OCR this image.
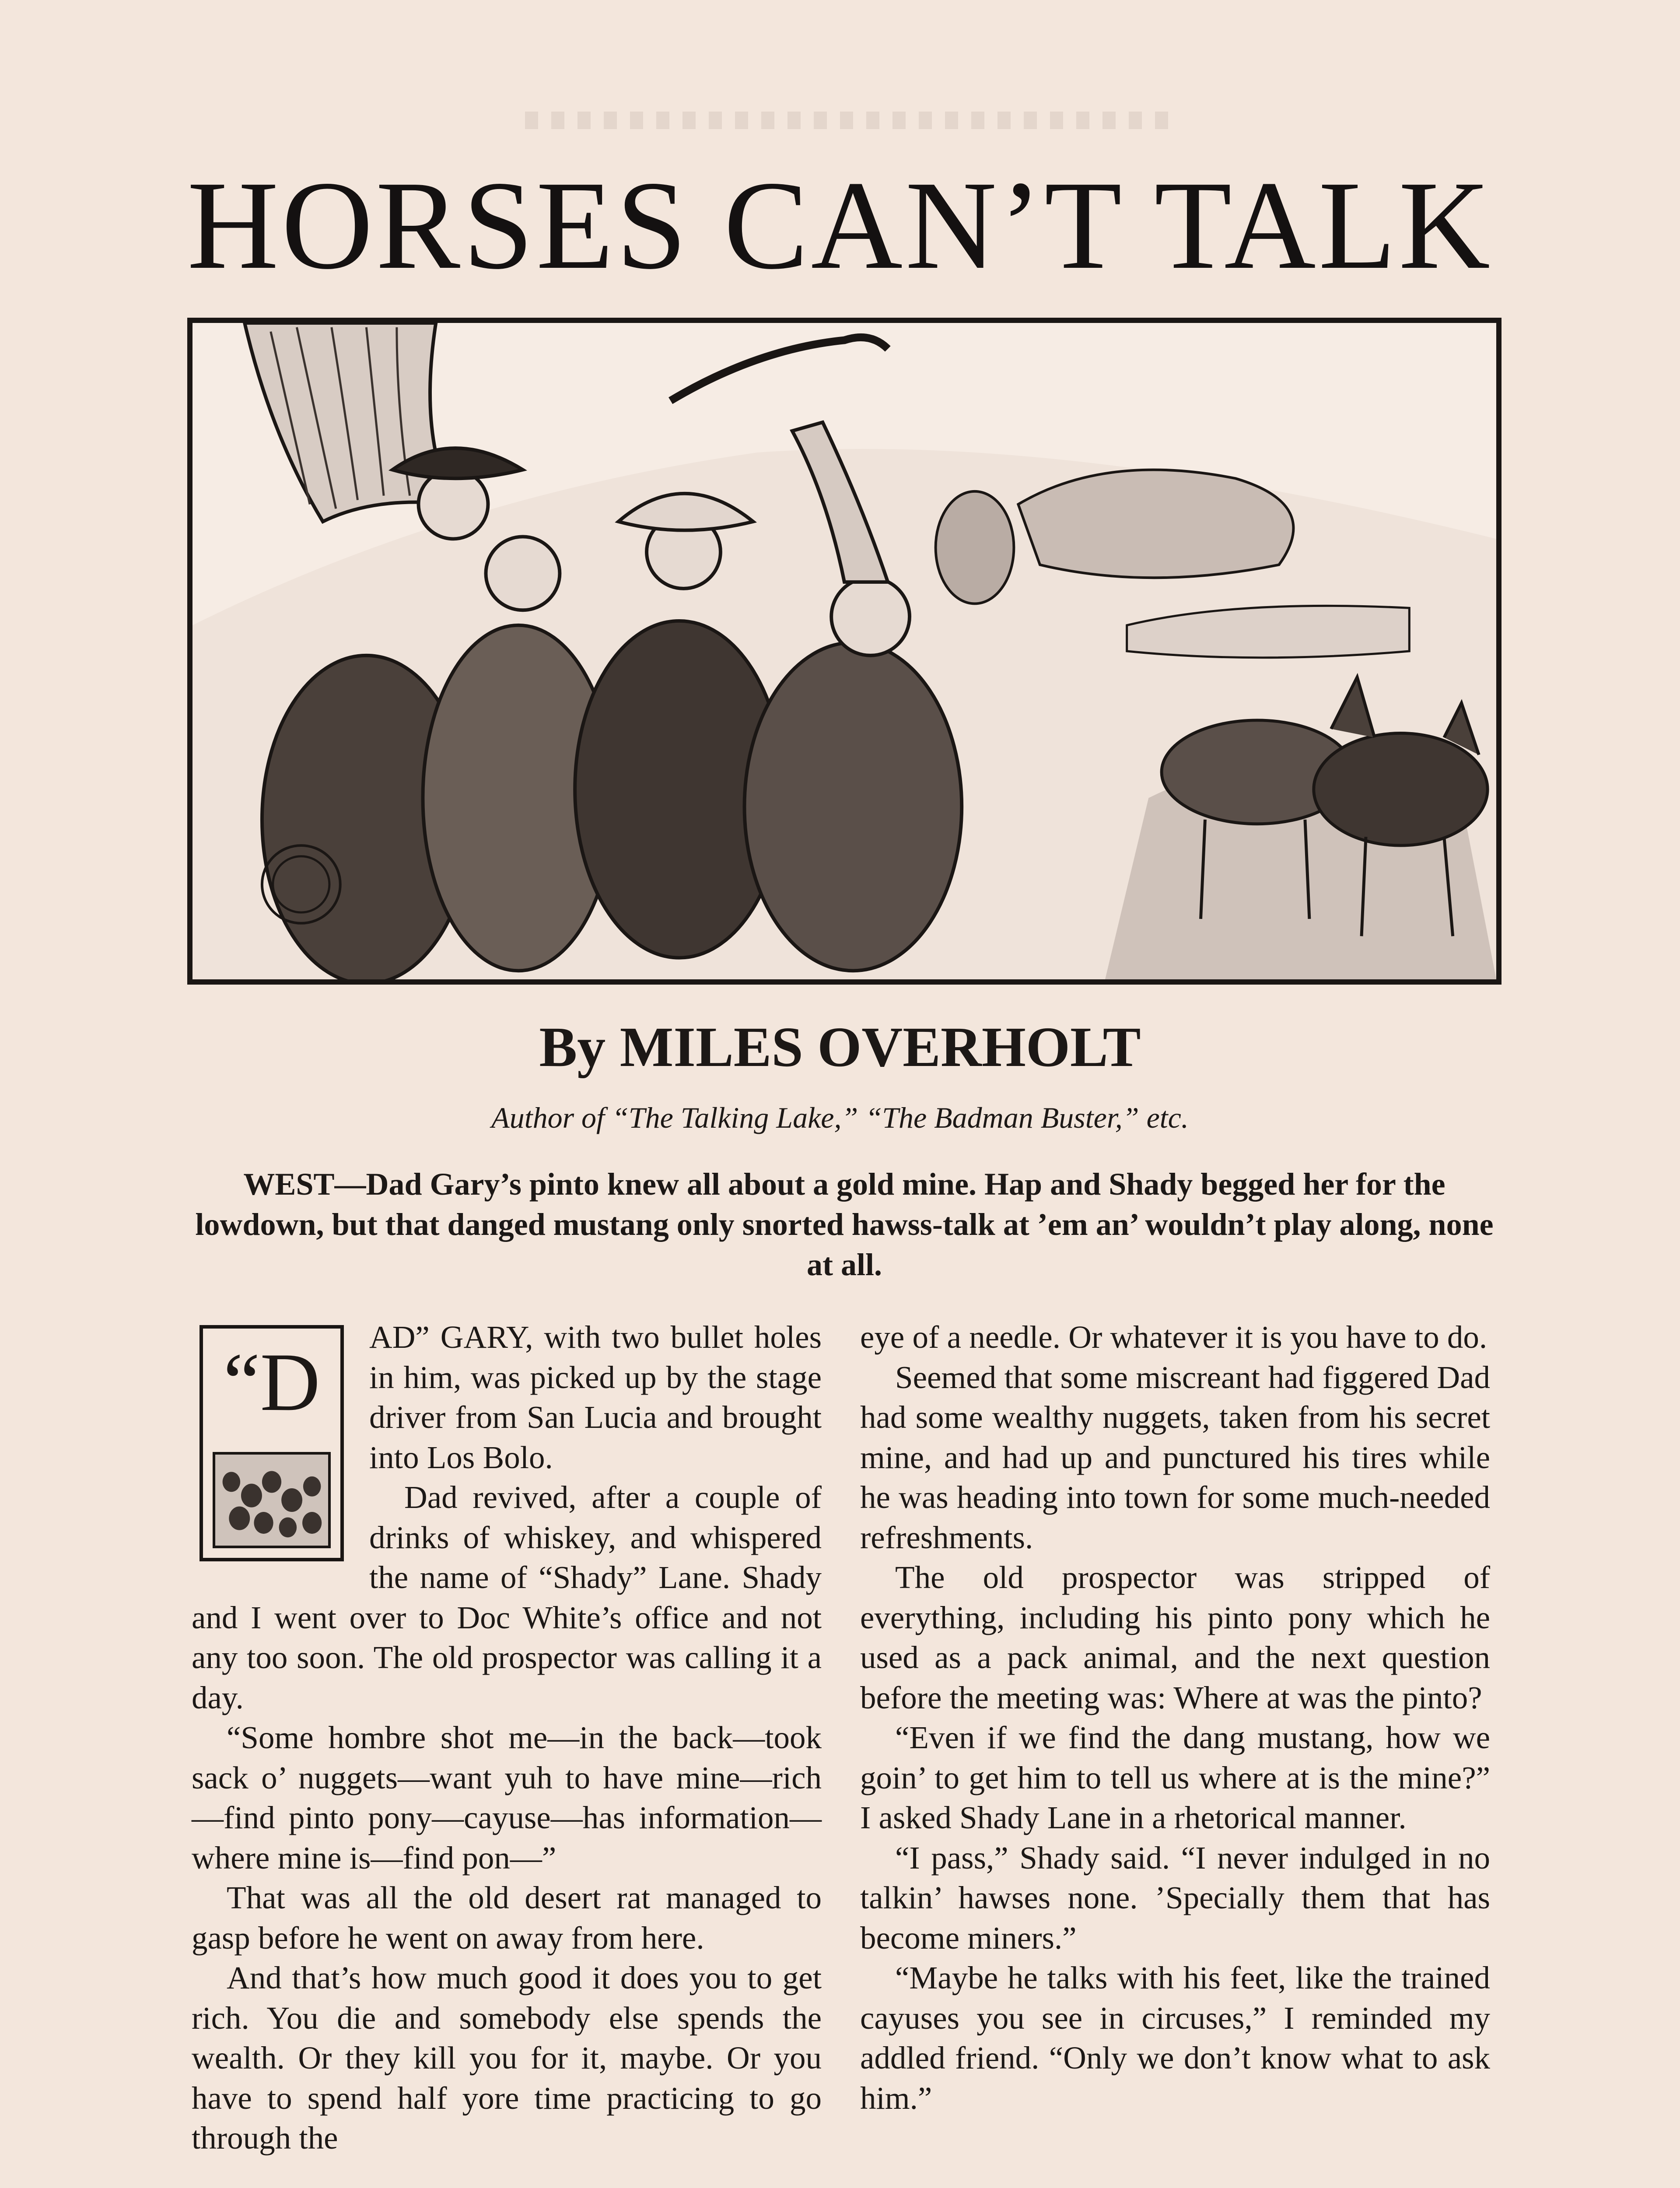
HORSES CAN’T TALK
By MILES OVERHOLT
Author of “The Talking Lake,” “The Badman Buster,” etc.
WEST—Dad Gary’s pinto knew all about a gold mine. Hap and Shady begged her for the lowdown, but that danged mustang only snorted hawss-talk at ’em an’ wouldn’t play along, none at all.
“D	AD” GARY, with two bullet holes in him, was picked up by the stage driver from San Lucia and brought into Los Bolo.

Dad revived, after a couple of drinks of whiskey, and whispered the name of “Shady” Lane. Shady and I went over to Doc White’s office and not any too soon. The old prospector was calling it a day.

“Some hombre shot me—in the back—took sack o’ nuggets—want yuh to have mine—rich—find pinto pony—cayuse—has information—where mine is—find pon—”

That was all the old desert rat managed to gasp before he went on away from here.

And that’s how much good it does you to get rich. You die and somebody else spends the wealth. Or they kill you for it, maybe. Or you have to spend half yore time practicing to go through the

eye of a needle. Or whatever it is you have to do.

Seemed that some miscreant had figgered Dad had some wealthy nuggets, taken from his secret mine, and had up and punctured his tires while he was heading into town for some much-needed refreshments.

The old prospector was stripped of everything, including his pinto pony which he used as a pack animal, and the next question before the meeting was: Where at was the pinto?

“Even if we find the dang mustang, how we goin’ to get him to tell us where at is the mine?” I asked Shady Lane in a rhetorical manner.

“I pass,” Shady said. “I never indulged in no talkin’ hawses none. ’Specially them that has become miners.”

“Maybe he talks with his feet, like the trained cayuses you see in circuses,” I reminded my addled friend. “Only we don’t know what to ask him.”
